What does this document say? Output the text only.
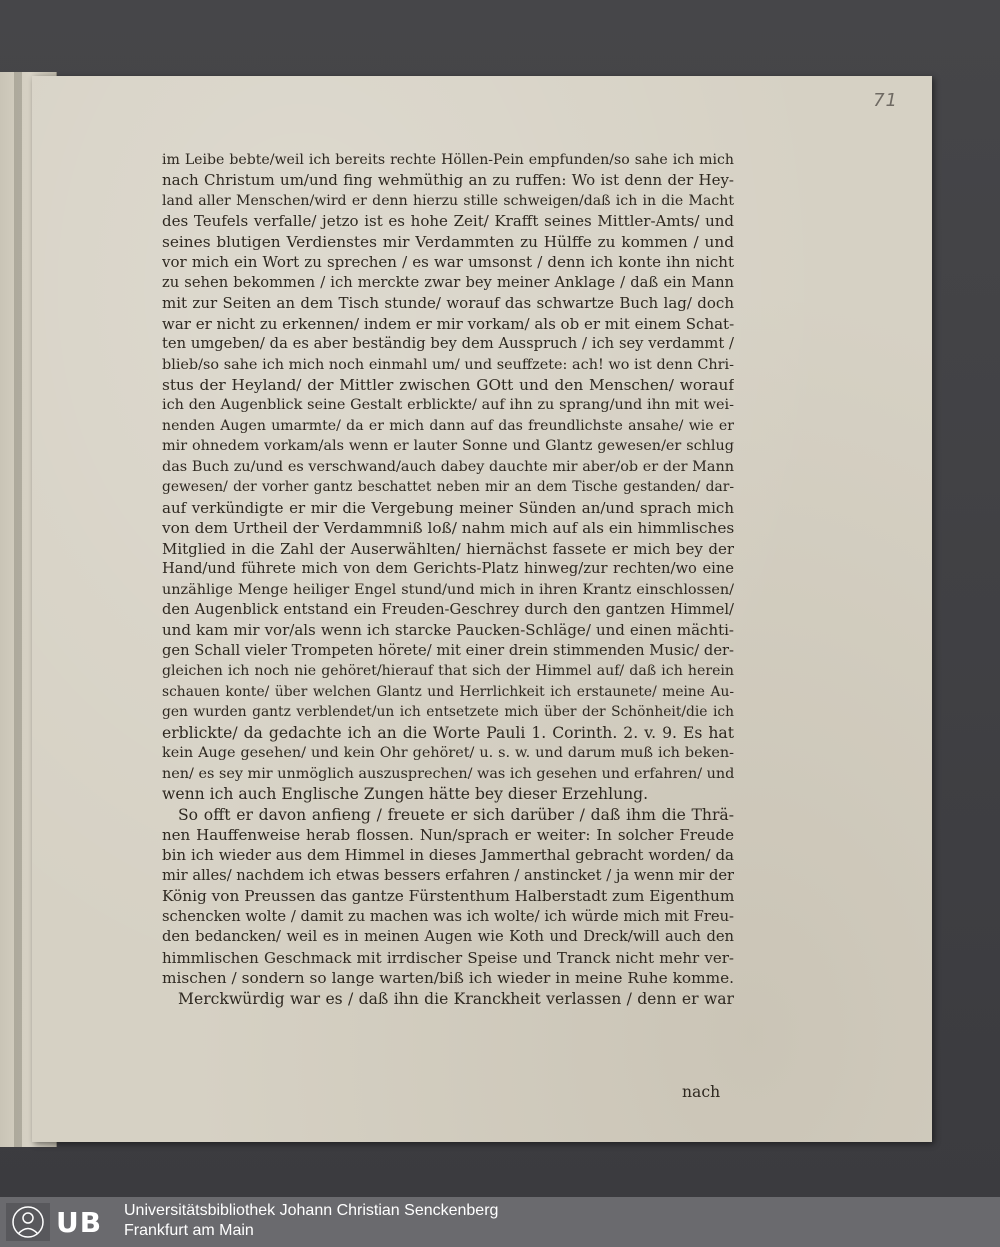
71
im Leibe bebte/weil ich bereits rechte Höllen-Pein empfunden/so sahe ich mich
nach Christum um/und fing wehmüthig an zu ruffen: Wo ist denn der Hey-
land aller Menschen/wird er denn hierzu stille schweigen/daß ich in die Macht
des Teufels verfalle/ jetzo ist es hohe Zeit/ Krafft seines Mittler-Amts/ und
seines blutigen Verdienstes mir Verdammten zu Hülffe zu kommen / und
vor mich ein Wort zu sprechen / es war umsonst / denn ich konte ihn nicht
zu sehen bekommen / ich merckte zwar bey meiner Anklage / daß ein Mann
mit zur Seiten an dem Tisch stunde/ worauf das schwartze Buch lag/ doch
war er nicht zu erkennen/ indem er mir vorkam/ als ob er mit einem Schat-
ten umgeben/ da es aber beständig bey dem Ausspruch / ich sey verdammt /
blieb/so sahe ich mich noch einmahl um/ und seuffzete: ach! wo ist denn Chri-
stus der Heyland/ der Mittler zwischen GOtt und den Menschen/ worauf
ich den Augenblick seine Gestalt erblickte/ auf ihn zu sprang/und ihn mit wei-
nenden Augen umarmte/ da er mich dann auf das freundlichste ansahe/ wie er
mir ohnedem vorkam/als wenn er lauter Sonne und Glantz gewesen/er schlug
das Buch zu/und es verschwand/auch dabey dauchte mir aber/ob er der Mann
gewesen/ der vorher gantz beschattet neben mir an dem Tische gestanden/ dar-
auf verkündigte er mir die Vergebung meiner Sünden an/und sprach mich
von dem Urtheil der Verdammniß loß/ nahm mich auf als ein himmlisches
Mitglied in die Zahl der Auserwählten/ hiernächst fassete er mich bey der
Hand/und führete mich von dem Gerichts-Platz hinweg/zur rechten/wo eine
unzählige Menge heiliger Engel stund/und mich in ihren Krantz einschlossen/
den Augenblick entstand ein Freuden-Geschrey durch den gantzen Himmel/
und kam mir vor/als wenn ich starcke Paucken-Schläge/ und einen mächti-
gen Schall vieler Trompeten hörete/ mit einer drein stimmenden Music/ der-
gleichen ich noch nie gehöret/hierauf that sich der Himmel auf/ daß ich herein
schauen konte/ über welchen Glantz und Herrlichkeit ich erstaunete/ meine Au-
gen wurden gantz verblendet/un ich entsetzete mich über der Schönheit/die ich
erblickte/ da gedachte ich an die Worte Pauli 1. Corinth. 2. v. 9. Es hat
kein Auge gesehen/ und kein Ohr gehöret/ u. s. w. und darum muß ich beken-
nen/ es sey mir unmöglich auszusprechen/ was ich gesehen und erfahren/ und
wenn ich auch Englische Zungen hätte bey dieser Erzehlung.
So offt er davon anfieng / freuete er sich darüber / daß ihm die Thrä-
nen Hauffenweise herab flossen. Nun/sprach er weiter: In solcher Freude
bin ich wieder aus dem Himmel in dieses Jammerthal gebracht worden/ da
mir alles/ nachdem ich etwas bessers erfahren / anstincket / ja wenn mir der
König von Preussen das gantze Fürstenthum Halberstadt zum Eigenthum
schencken wolte / damit zu machen was ich wolte/ ich würde mich mit Freu-
den bedancken/ weil es in meinen Augen wie Koth und Dreck/will auch den
himmlischen Geschmack mit irrdischer Speise und Tranck nicht mehr ver-
mischen / sondern so lange warten/biß ich wieder in meine Ruhe komme.
Merckwürdig war es / daß ihn die Kranckheit verlassen / denn er war
nach
UB Universitätsbibliothek Johann Christian Senckenberg
Frankfurt am Main
